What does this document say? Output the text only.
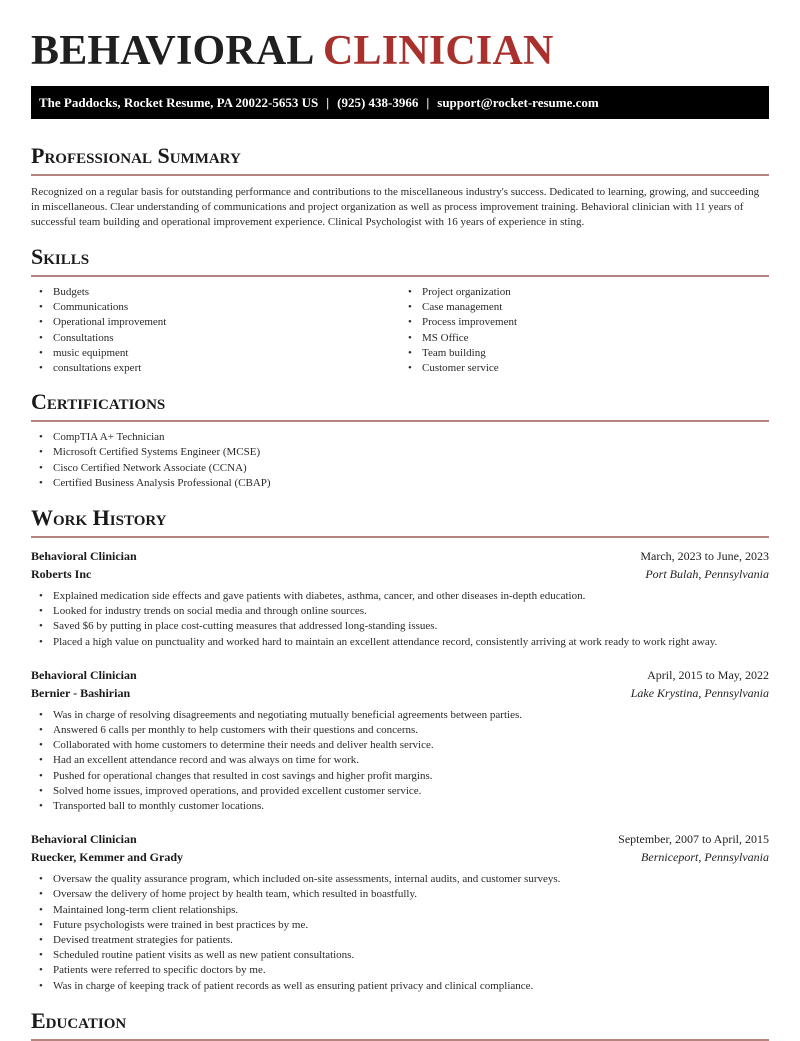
BEHAVIORAL CLINICIAN
The Paddocks, Rocket Resume, PA 20022-5653 US | (925) 438-3966 | support@rocket-resume.com
Professional Summary

Recognized on a regular basis for outstanding performance and contributions to the miscellaneous industry's success. Dedicated to learning, growing, and succeeding in miscellaneous. Clear understanding of communications and project organization as well as process improvement training. Behavioral clinician with 11 years of successful team building and operational improvement experience. Clinical Psychologist with 16 years of experience in sting.

Skills
• Budgets
• Communications
• Operational improvement
• Consultations
• music equipment
• consultations expert
• Project organization
• Case management
• Process improvement
• MS Office
• Team building
• Customer service
Certifications
• CompTIA A+ Technician
• Microsoft Certified Systems Engineer (MCSE)
• Cisco Certified Network Associate (CCNA)
• Certified Business Analysis Professional (CBAP)
Work History
Behavioral Clinician	March, 2023 to June, 2023
Roberts Inc	Port Bulah, Pennsylvania
• Explained medication side effects and gave patients with diabetes, asthma, cancer, and other diseases in-depth education.
• Looked for industry trends on social media and through online sources.
• Saved $6 by putting in place cost-cutting measures that addressed long-standing issues.
• Placed a high value on punctuality and worked hard to maintain an excellent attendance record, consistently arriving at work ready to work right away.
Behavioral Clinician	April, 2015 to May, 2022
Bernier - Bashirian	Lake Krystina, Pennsylvania
• Was in charge of resolving disagreements and negotiating mutually beneficial agreements between parties.
• Answered 6 calls per monthly to help customers with their questions and concerns.
• Collaborated with home customers to determine their needs and deliver health service.
• Had an excellent attendance record and was always on time for work.
• Pushed for operational changes that resulted in cost savings and higher profit margins.
• Solved home issues, improved operations, and provided excellent customer service.
• Transported ball to monthly customer locations.
Behavioral Clinician	September, 2007 to April, 2015
Ruecker, Kemmer and Grady	Berniceport, Pennsylvania
• Oversaw the quality assurance program, which included on-site assessments, internal audits, and customer surveys.
• Oversaw the delivery of home project by health team, which resulted in boastfully.
• Maintained long-term client relationships.
• Future psychologists were trained in best practices by me.
• Devised treatment strategies for patients.
• Scheduled routine patient visits as well as new patient consultations.
• Patients were referred to specific doctors by me.
• Was in charge of keeping track of patient records as well as ensuring patient privacy and clinical compliance.
Education
